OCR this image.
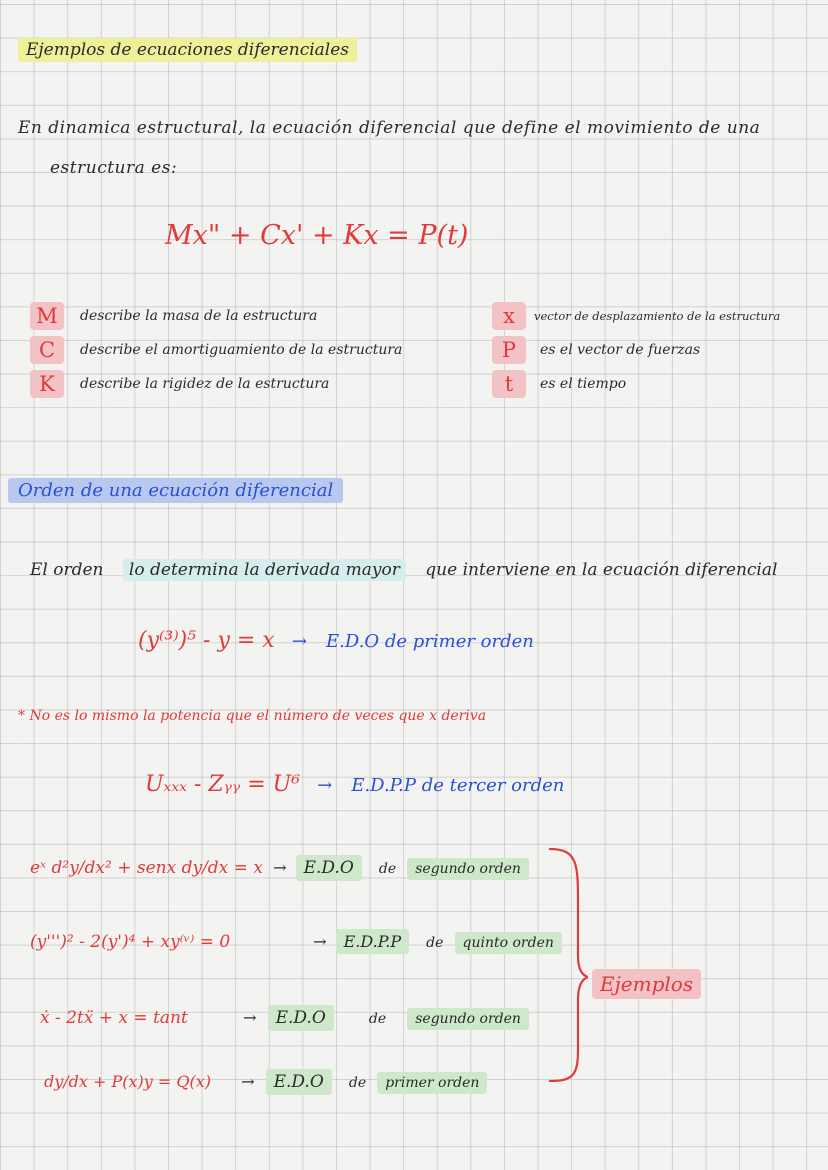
Ejemplos de ecuaciones diferenciales
En dinamica estructural, la ecuación diferencial que define el movimiento de una
estructura es:
Mx" + Cx' + Kx = P(t)
M	describe la masa de la estructura
C	describe el amortiguamiento de la estructura
K	describe la rigidez de la estructura
x	vector de desplazamiento de la estructura
P	es el vector de fuerzas
t	es el tiempo
Orden de una ecuación diferencial
El orden lo determina la derivada mayor que interviene en la ecuación diferencial
(y⁽³⁾)⁵ - y = x → E.D.O de primer orden
* No es lo mismo la potencia que el número de veces que x deriva
Uₓₓₓ - Zᵧᵧ = U⁶ → E.D.P.P de tercer orden
eˣ d²y/dx² + senx dy/dx = x → E.D.O de segundo orden
(y''')² - 2(y')⁴ + xy⁽ᵛ⁾ = 0	→ E.D.P.P de quinto orden
ẋ - 2tẍ + x = tant	→ E.D.O	de segundo orden
dy/dx + P(x)y = Q(x) → E.D.O de primer orden
Ejemplos
